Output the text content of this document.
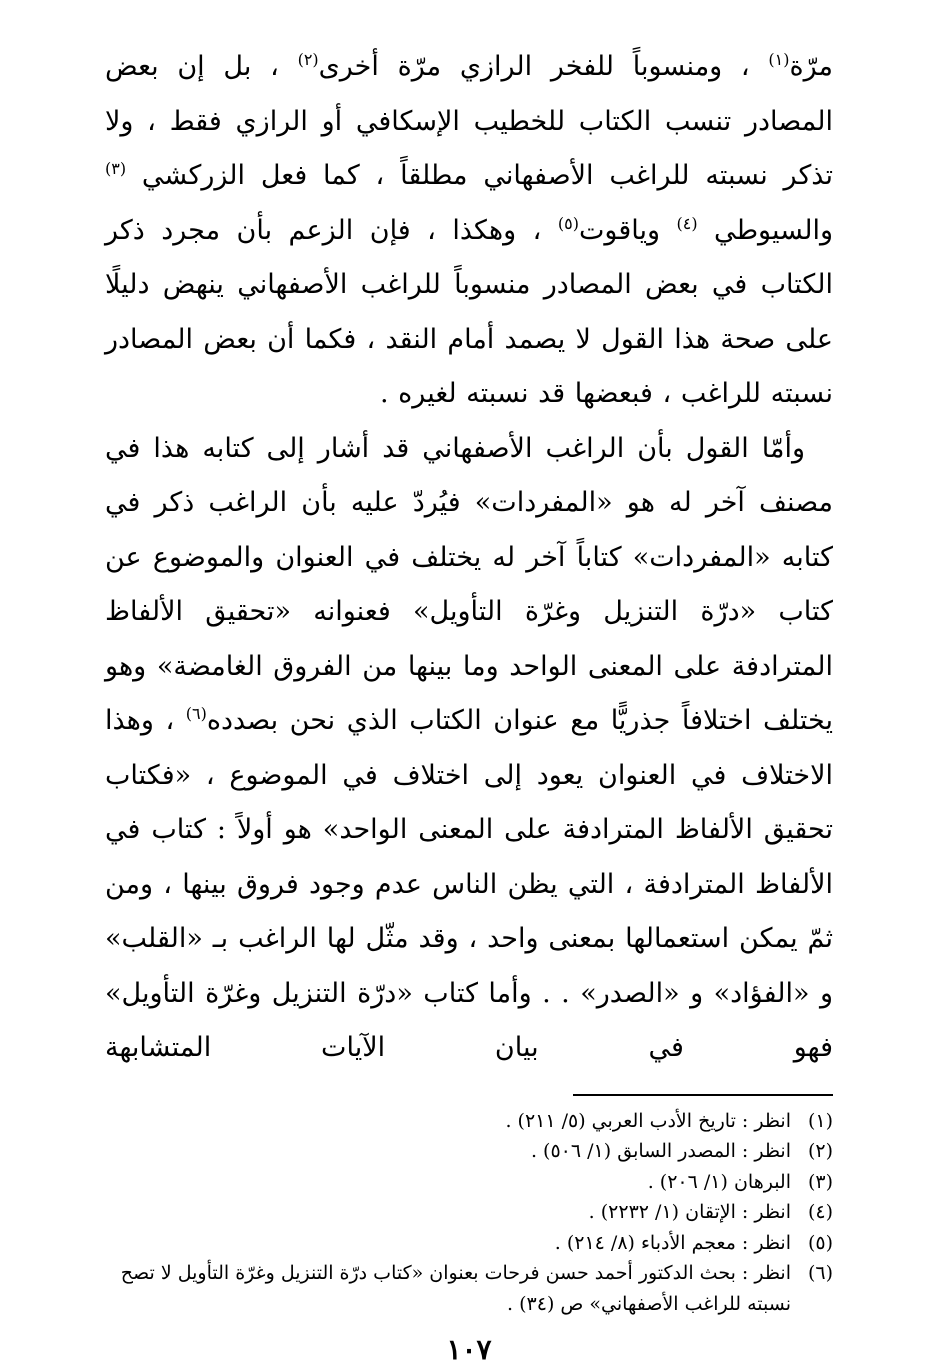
مرّة$^{(١)}$ ، ومنسوباً للفخر الرازي مرّة أخرى$^{(٢)}$ ، بل إن بعض المصادر تنسب الكتاب للخطيب الإسكافي أو الرازي فقط ، ولا تذكر نسبته للراغب الأصفهاني مطلقاً ، كما فعل الزركشي $^{(٣)}$ والسيوطي $^{(٤)}$ وياقوت$^{(٥)}$ ، وهكذا ، فإن الزعم بأن مجرد ذكر الكتاب في بعض المصادر منسوباً للراغب الأصفهاني ينهض دليلًا على صحة هذا القول لا يصمد أمام النقد ، فكما أن بعض المصادر نسبته للراغب ، فبعضها قد نسبته لغيره .

وأمّا القول بأن الراغب الأصفهاني قد أشار إلى كتابه هذا في مصنف آخر له هو «المفردات» فيُردّ عليه بأن الراغب ذكر في كتابه «المفردات» كتاباً آخر له يختلف في العنوان والموضوع عن كتاب «درّة التنزيل وغرّة التأويل» فعنوانه «تحقيق الألفاظ المترادفة على المعنى الواحد وما بينها من الفروق الغامضة» وهو يختلف اختلافاً جذريًّا مع عنوان الكتاب الذي نحن بصدده$^{(٦)}$ ، وهذا الاختلاف في العنوان يعود إلى اختلاف في الموضوع ، «فكتاب تحقيق الألفاظ المترادفة على المعنى الواحد» هو أولاً : كتاب في الألفاظ المترادفة ، التي يظن الناس عدم وجود فروق بينها ، ومن ثمّ يمكن استعمالها بمعنى واحد ، وقد مثّل لها الراغب بـ «القلب» و «الفؤاد» و «الصدر» . . وأما كتاب «درّة التنزيل وغرّة التأويل» فهو في بيان الآيات المتشابهة

(١)
انظر : تاريخ الأدب العربي (٥/ ٢١١) .
(٢)
انظر : المصدر السابق (١/ ٥٠٦) .
(٣)
البرهان (١/ ٢٠٦) .
(٤)
انظر : الإتقان (١/ ٢٢٣٢) .
(٥)
انظر : معجم الأدباء (٨/ ٢١٤) .
(٦)
انظر : بحث الدكتور أحمد حسن فرحات بعنوان «كتاب درّة التنزيل وغرّة التأويل لا تصح نسبته للراغب الأصفهاني» ص (٣٤) .
١٠٧
